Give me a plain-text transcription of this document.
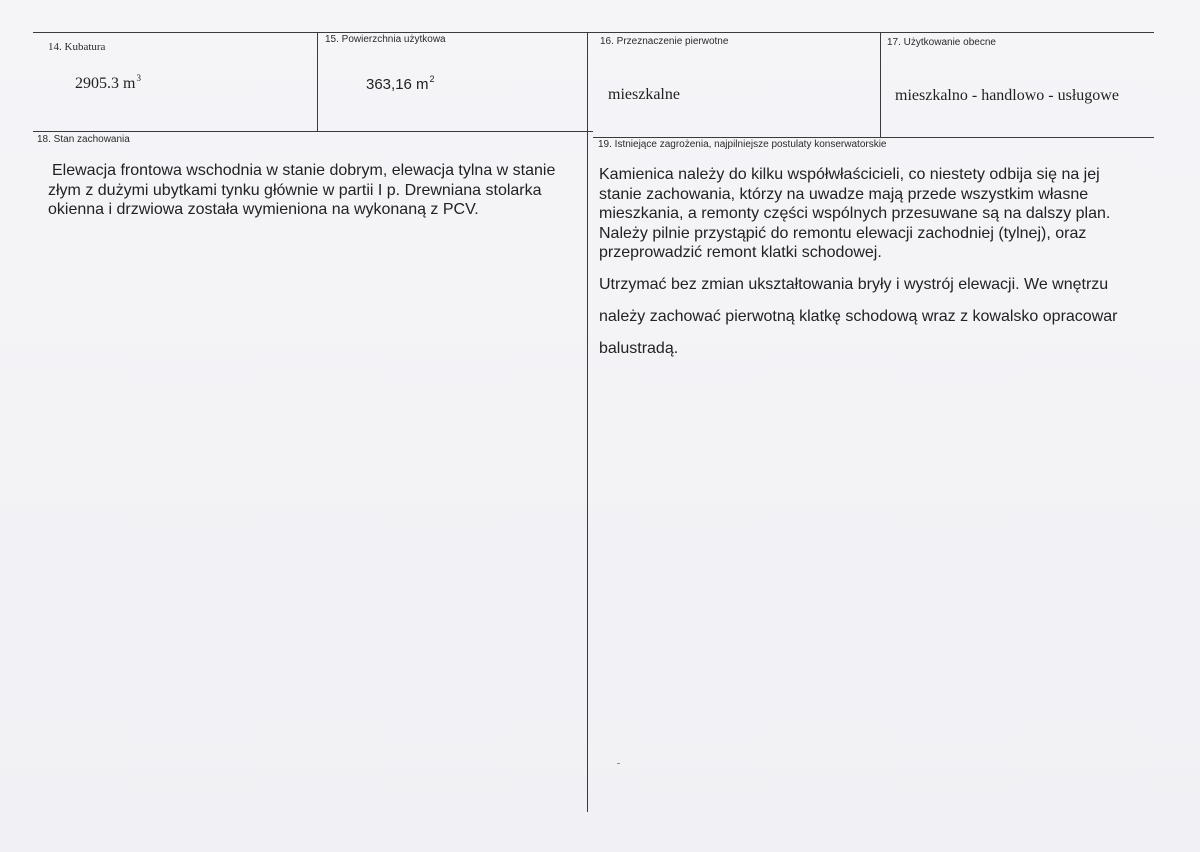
14. Kubatura
2905.3 $m^3$
15. Powierzchnia użytkowa
363,16 $m^2$
16. Przeznaczenie pierwotne
mieszkalne
17. Użytkowanie obecne
mieszkalno - handlowo - usługowe
18. Stan zachowania
Elewacja frontowa wschodnia w stanie dobrym, elewacja tylna w stanie złym z dużymi ubytkami tynku głównie w partii I p. Drewniana stolarka okienna i drzwiowa została wymieniona na wykonaną z PCV.
19. Istniejące zagrożenia, najpilniejsze postulaty konserwatorskie
Kamienica należy do kilku współwłaścicieli, co niestety odbija się na jej stanie zachowania, którzy na uwadze mają przede wszystkim własne mieszkania, a remonty części wspólnych przesuwane są na dalszy plan. Należy pilnie przystąpić do remontu elewacji zachodniej (tylnej), oraz przeprowadzić remont klatki schodowej.

Utrzymać bez zmian ukształtowania bryły i wystrój elewacji. We wnętrzu

należy zachować pierwotną klatkę schodową wraz z kowalsko opracowar

balustradą.
